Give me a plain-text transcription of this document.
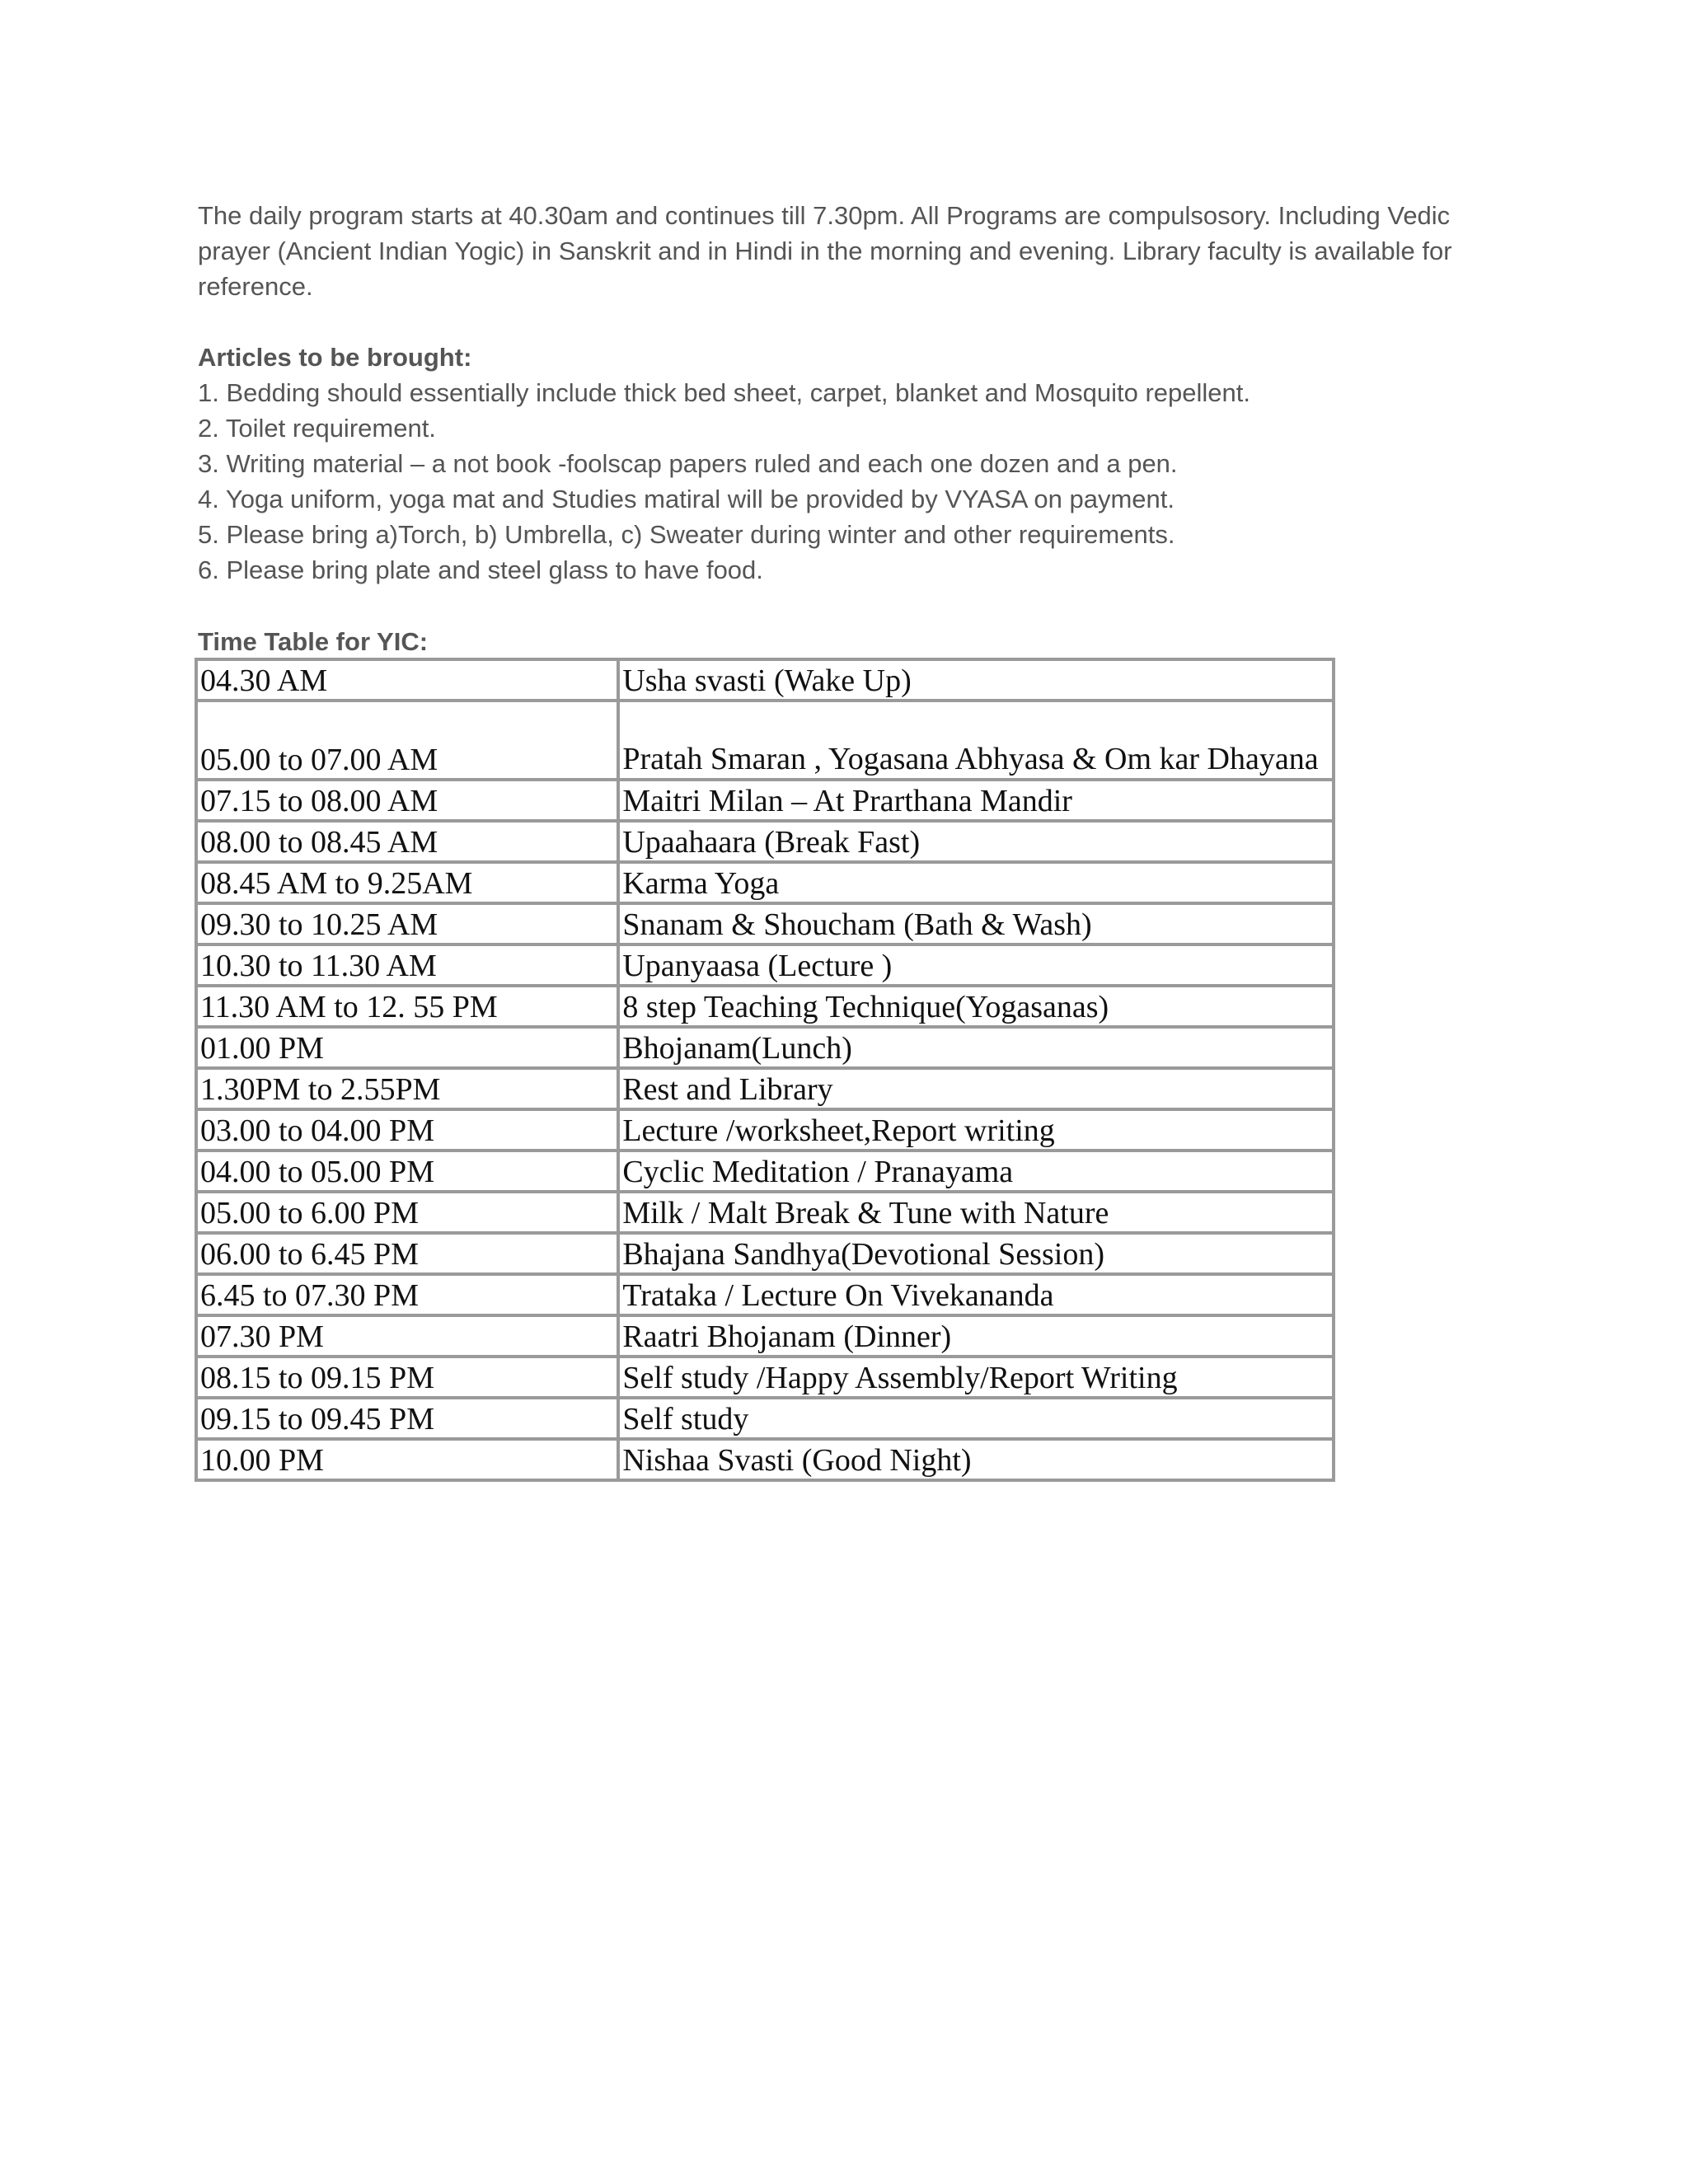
The daily program starts at 40.30am and continues till 7.30pm. All Programs are compulsosory. Including Vedic prayer (Ancient Indian Yogic) in Sanskrit and in Hindi in the morning and evening. Library faculty is available for reference.

Articles to be brought:

1. Bedding should essentially include thick bed sheet, carpet, blanket and Mosquito repellent.
2. Toilet requirement.
3. Writing material – a not book -foolscap papers ruled and each one dozen and a pen.
4. Yoga uniform, yoga mat and Studies matiral will be provided by VYASA on payment.
5. Please bring a)Torch, b) Umbrella, c) Sweater during winter and other requirements.
6. Please bring plate and steel glass to have food.

Time Table for YIC:

04.30 AM	Usha svasti (Wake Up)
05.00 to 07.00 AM	Pratah Smaran , Yogasana Abhyasa & Om kar Dhayana
07.15 to 08.00 AM	Maitri Milan – At Prarthana Mandir
08.00 to 08.45 AM	Upaahaara (Break Fast)
08.45 AM to 9.25AM	Karma Yoga
09.30 to 10.25 AM	Snanam & Shoucham (Bath & Wash)
10.30 to 11.30 AM	Upanyaasa (Lecture )
11.30 AM to 12. 55 PM	8 step Teaching Technique(Yogasanas)
01.00 PM	Bhojanam(Lunch)
1.30PM to 2.55PM	Rest and Library
03.00 to 04.00 PM	Lecture /worksheet,Report writing
04.00 to 05.00 PM	Cyclic Meditation / Pranayama
05.00 to 6.00 PM	Milk / Malt Break & Tune with Nature
06.00 to 6.45 PM	Bhajana Sandhya(Devotional Session)
6.45 to 07.30 PM	Trataka / Lecture On Vivekananda
07.30 PM	Raatri Bhojanam (Dinner)
08.15 to 09.15 PM	Self study /Happy Assembly/Report Writing
09.15 to 09.45 PM	Self study
10.00 PM	Nishaa Svasti (Good Night)
